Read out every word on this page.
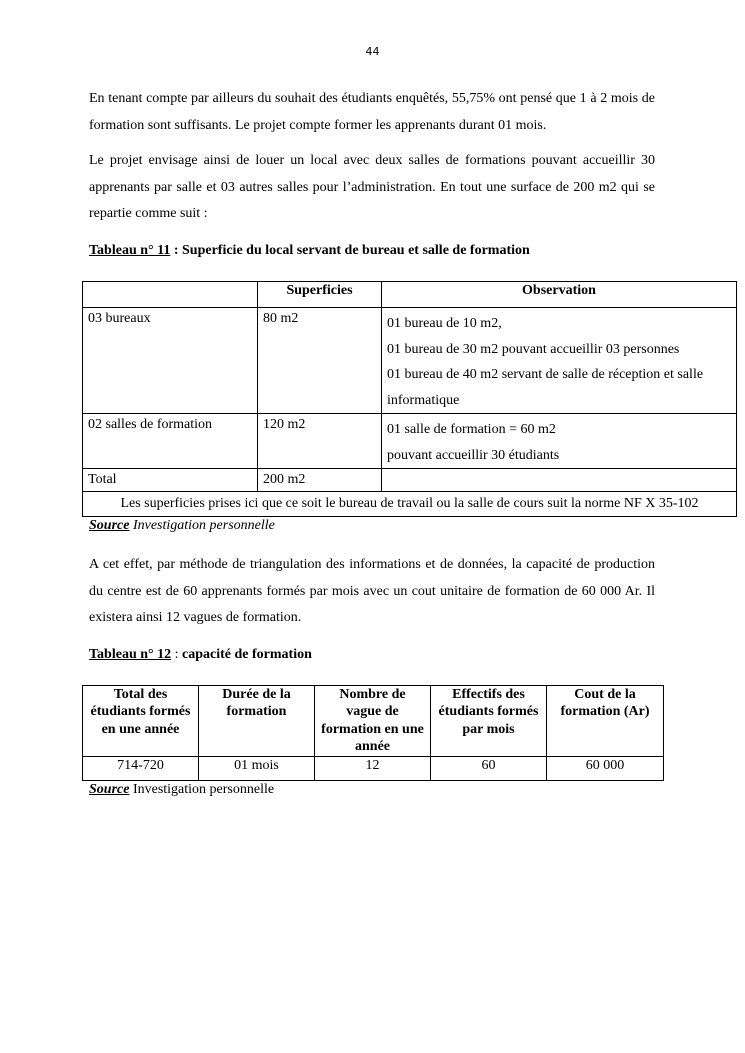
44

En tenant compte par ailleurs du souhait des étudiants enquêtés, 55,75% ont pensé que 1 à 2 mois de formation sont suffisants. Le projet compte former les apprenants durant 01 mois.

Le projet envisage ainsi de louer un local avec deux salles de formations pouvant accueillir 30 apprenants par salle et 03 autres salles pour l’administration. En tout une surface de 200 m2 qui se repartie comme suit :

Tableau n° 11 : Superficie du local servant de bureau et salle de formation

	Superficies	Observation
03 bureaux	80 m2	01 bureau de 10 m2,
01 bureau de 30 m2 pouvant accueillir 03 personnes
01 bureau de 40 m2 servant de salle de réception et salle
informatique

02 salles de formation	120 m2	01 salle de formation = 60 m2
pouvant accueillir 30 étudiants

Total	200 m2	
Les superficies prises ici que ce soit le bureau de travail ou la salle de cours suit la norme NF X 35-102		

Source Investigation personnelle

A cet effet, par méthode de triangulation des informations et de données, la capacité de production du centre est de 60 apprenants formés par mois avec un cout unitaire de formation de 60 000 Ar. Il existera ainsi 12 vagues de formation.

Tableau n° 12 : capacité de formation

Total des étudiants formés en une année	Durée de la formation	Nombre de vague de formation en une année	Effectifs des étudiants formés par mois	Cout de la formation (Ar)
714-720	01 mois	12	60	60 000

Source Investigation personnelle
